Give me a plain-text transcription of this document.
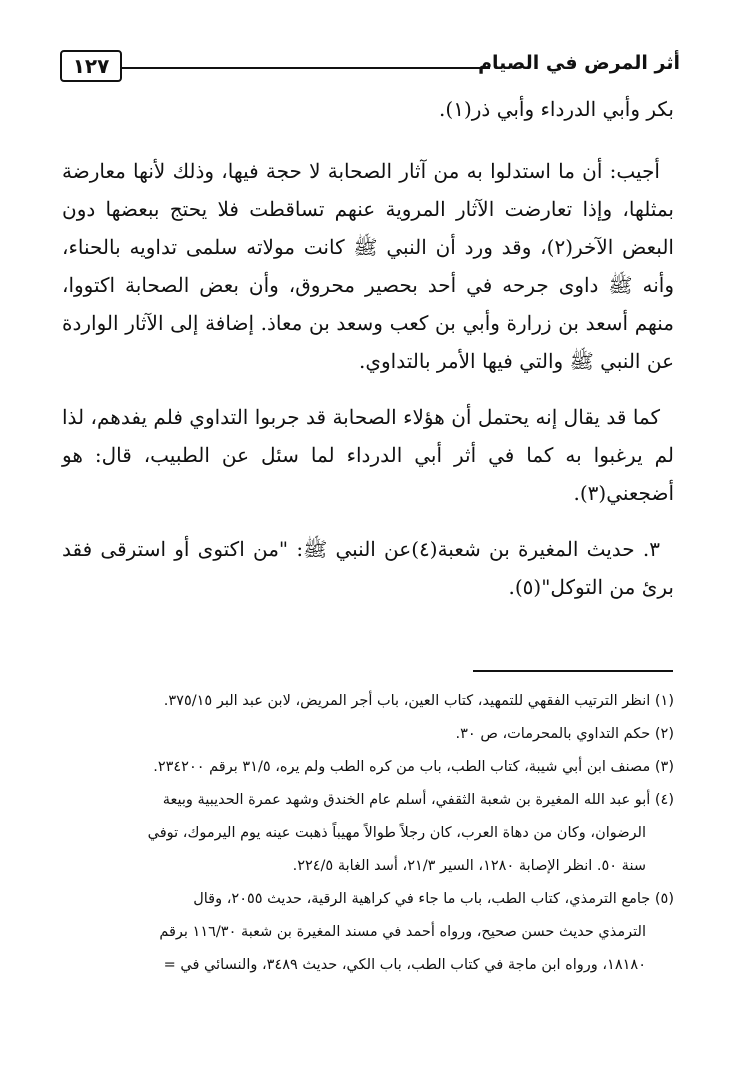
١٢٧	أثر المرض في الصيام

بكر وأبي الدرداء وأبي ذر(١).

أجيب: أن ما استدلوا به من آثار الصحابة لا حجة فيها، وذلك لأنها معارضة بمثلها، وإذا تعارضت الآثار المروية عنهم تساقطت فلا يحتج ببعضها دون البعض الآخر(٢)، وقد ورد أن النبي ﷺ كانت مولاته سلمى تداويه بالحناء، وأنه ﷺ داوى جرحه في أحد بحصير محروق، وأن بعض الصحابة اكتووا، منهم أسعد بن زرارة وأبي بن كعب وسعد بن معاذ. إضافة إلى الآثار الواردة عن النبي ﷺ والتي فيها الأمر بالتداوي.

كما قد يقال إنه يحتمل أن هؤلاء الصحابة قد جربوا التداوي فلم يفدهم، لذا لم يرغبوا به كما في أثر أبي الدرداء لما سئل عن الطبيب، قال: هو أضجعني(٣).

٣. حديث المغيرة بن شعبة(٤)عن النبي ﷺ: "من اكتوى أو استرقى فقد برئ من التوكل"(٥).

(١) انظر الترتيب الفقهي للتمهيد، كتاب العين، باب أجر المريض، لابن عبد البر ٣٧٥/١٥.
(٢) حكم التداوي بالمحرمات، ص ٣٠.
(٣) مصنف ابن أبي شيبة، كتاب الطب، باب من كره الطب ولم يره، ٣١/٥ برقم ٢٣٤٢٠٠.
(٤) أبو عبد الله المغيرة بن شعبة الثقفي، أسلم عام الخندق وشهد عمرة الحديبية وبيعة
الرضوان، وكان من دهاة العرب، كان رجلاً طوالاً مهيباً ذهبت عينه يوم اليرموك، توفي
سنة ٥٠. انظر الإصابة ١٢٨٠، السير ٢١/٣، أسد الغابة ٢٢٤/٥.
(٥) جامع الترمذي، كتاب الطب، باب ما جاء في كراهية الرقية، حديث ٢٠٥٥، وقال
الترمذي حديث حسن صحيح، ورواه أحمد في مسند المغيرة بن شعبة ١١٦/٣٠ برقم
١٨١٨٠، ورواه ابن ماجة في كتاب الطب، باب الكي، حديث ٣٤٨٩، والنسائي في =
